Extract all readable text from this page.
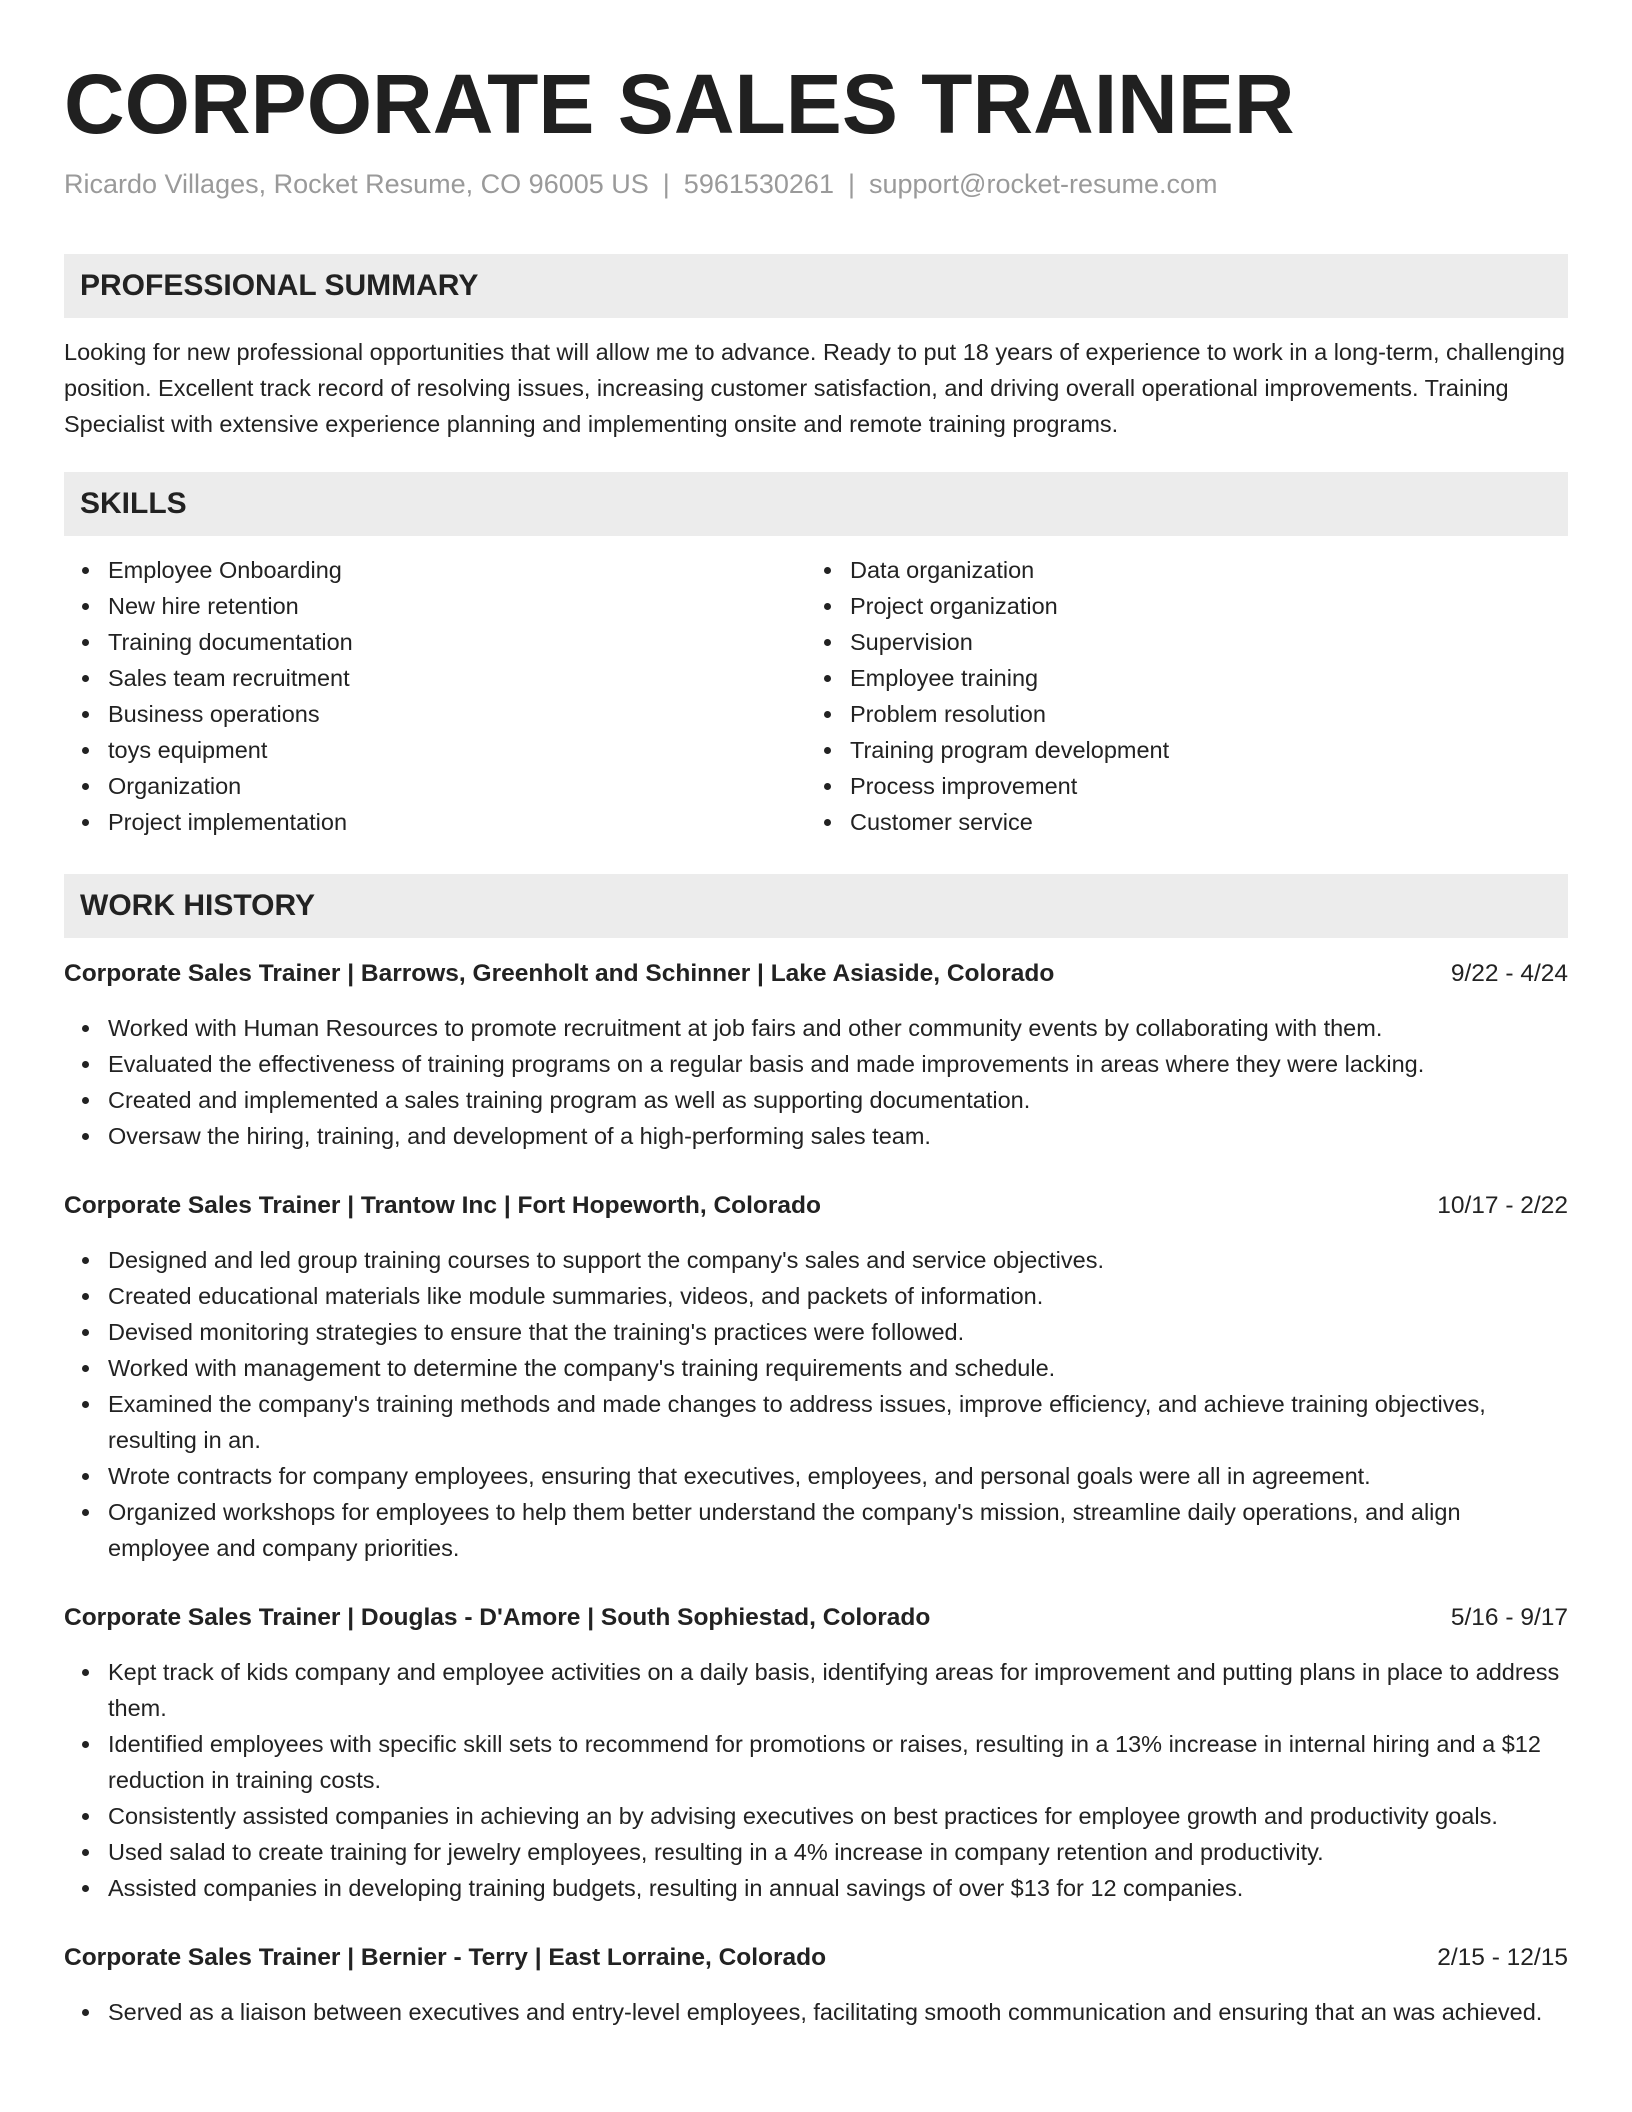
CORPORATE SALES TRAINER
Ricardo Villages, Rocket Resume, CO 96005 US | 5961530261 | support@rocket-resume.com
PROFESSIONAL SUMMARY
Looking for new professional opportunities that will allow me to advance. Ready to put 18 years of experience to work in a long-term, challenging position. Excellent track record of resolving issues, increasing customer satisfaction, and driving overall operational improvements. Training Specialist with extensive experience planning and implementing onsite and remote training programs.
SKILLS
Employee Onboarding
New hire retention
Training documentation
Sales team recruitment
Business operations
toys equipment
Organization
Project implementation
Data organization
Project organization
Supervision
Employee training
Problem resolution
Training program development
Process improvement
Customer service
WORK HISTORY
Corporate Sales Trainer | Barrows, Greenholt and Schinner | Lake Asiaside, Colorado	9/22 - 4/24
Worked with Human Resources to promote recruitment at job fairs and other community events by collaborating with them.
Evaluated the effectiveness of training programs on a regular basis and made improvements in areas where they were lacking.
Created and implemented a sales training program as well as supporting documentation.
Oversaw the hiring, training, and development of a high-performing sales team.
Corporate Sales Trainer | Trantow Inc | Fort Hopeworth, Colorado	10/17 - 2/22
Designed and led group training courses to support the company's sales and service objectives.
Created educational materials like module summaries, videos, and packets of information.
Devised monitoring strategies to ensure that the training's practices were followed.
Worked with management to determine the company's training requirements and schedule.
Examined the company's training methods and made changes to address issues, improve efficiency, and achieve training objectives, resulting in an.
Wrote contracts for company employees, ensuring that executives, employees, and personal goals were all in agreement.
Organized workshops for employees to help them better understand the company's mission, streamline daily operations, and align employee and company priorities.
Corporate Sales Trainer | Douglas - D'Amore | South Sophiestad, Colorado	5/16 - 9/17
Kept track of kids company and employee activities on a daily basis, identifying areas for improvement and putting plans in place to address them.
Identified employees with specific skill sets to recommend for promotions or raises, resulting in a 13% increase in internal hiring and a $12 reduction in training costs.
Consistently assisted companies in achieving an by advising executives on best practices for employee growth and productivity goals.
Used salad to create training for jewelry employees, resulting in a 4% increase in company retention and productivity.
Assisted companies in developing training budgets, resulting in annual savings of over $13 for 12 companies.
Corporate Sales Trainer | Bernier - Terry | East Lorraine, Colorado	2/15 - 12/15
Served as a liaison between executives and entry-level employees, facilitating smooth communication and ensuring that an was achieved.
